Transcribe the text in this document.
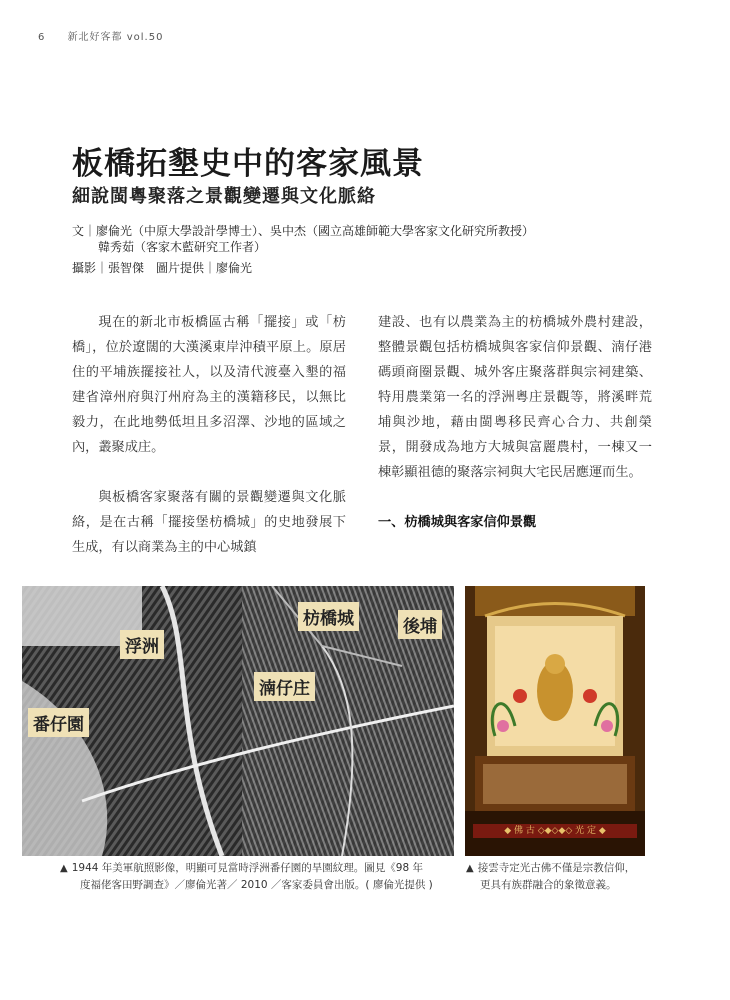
6 新北好客都 vol.50
板橋拓墾史中的客家風景
細說閩粵聚落之景觀變遷與文化脈絡
文｜廖倫光（中原大學設計學博士）、吳中杰（國立高雄師範大學客家文化研究所教授）
韓秀茹（客家木藍研究工作者）
攝影｜張智傑　圖片提供｜廖倫光

現在的新北市板橋區古稱「擺接」或「枋橋」，位於遼闊的大漢溪東岸沖積平原上。原居住的平埔族擺接社人，以及清代渡臺入墾的福建省漳州府與汀州府為主的漢籍移民，以無比毅力，在此地勢低坦且多沼澤、沙地的區域之內，叢聚成庄。

與板橋客家聚落有關的景觀變遷與文化脈絡，是在古稱「擺接堡枋橋城」的史地發展下生成，有以商業為主的中心城鎮

建設、也有以農業為主的枋橋城外農村建設，整體景觀包括枋橋城與客家信仰景觀、湳仔港碼頭商圈景觀、城外客庄聚落群與宗祠建築、特用農業第一名的浮洲粵庄景觀等，將溪畔荒埔與沙地，藉由閩粵移民齊心合力、共創榮景，開發成為地方大城與富麗農村，一棟又一棟彰顯祖德的聚落宗祠與大宅民居應運而生。

一、枋橋城與客家信仰景觀
浮洲
枋橋城	後埔
湳仔庄
番仔園
◆ 佛 古 ◇◆◇◆◇ 光 定 ◆
▲ 1944 年美軍航照影像，明顯可見當時浮洲番仔園的旱園紋理。圖見《98 年
度福佬客田野調查》／廖倫光著／ 2010 ／客家委員會出版。( 廖倫光提供 )
▲ 接雲寺定光古佛不僅是宗教信仰，
更具有族群融合的象徵意義。
